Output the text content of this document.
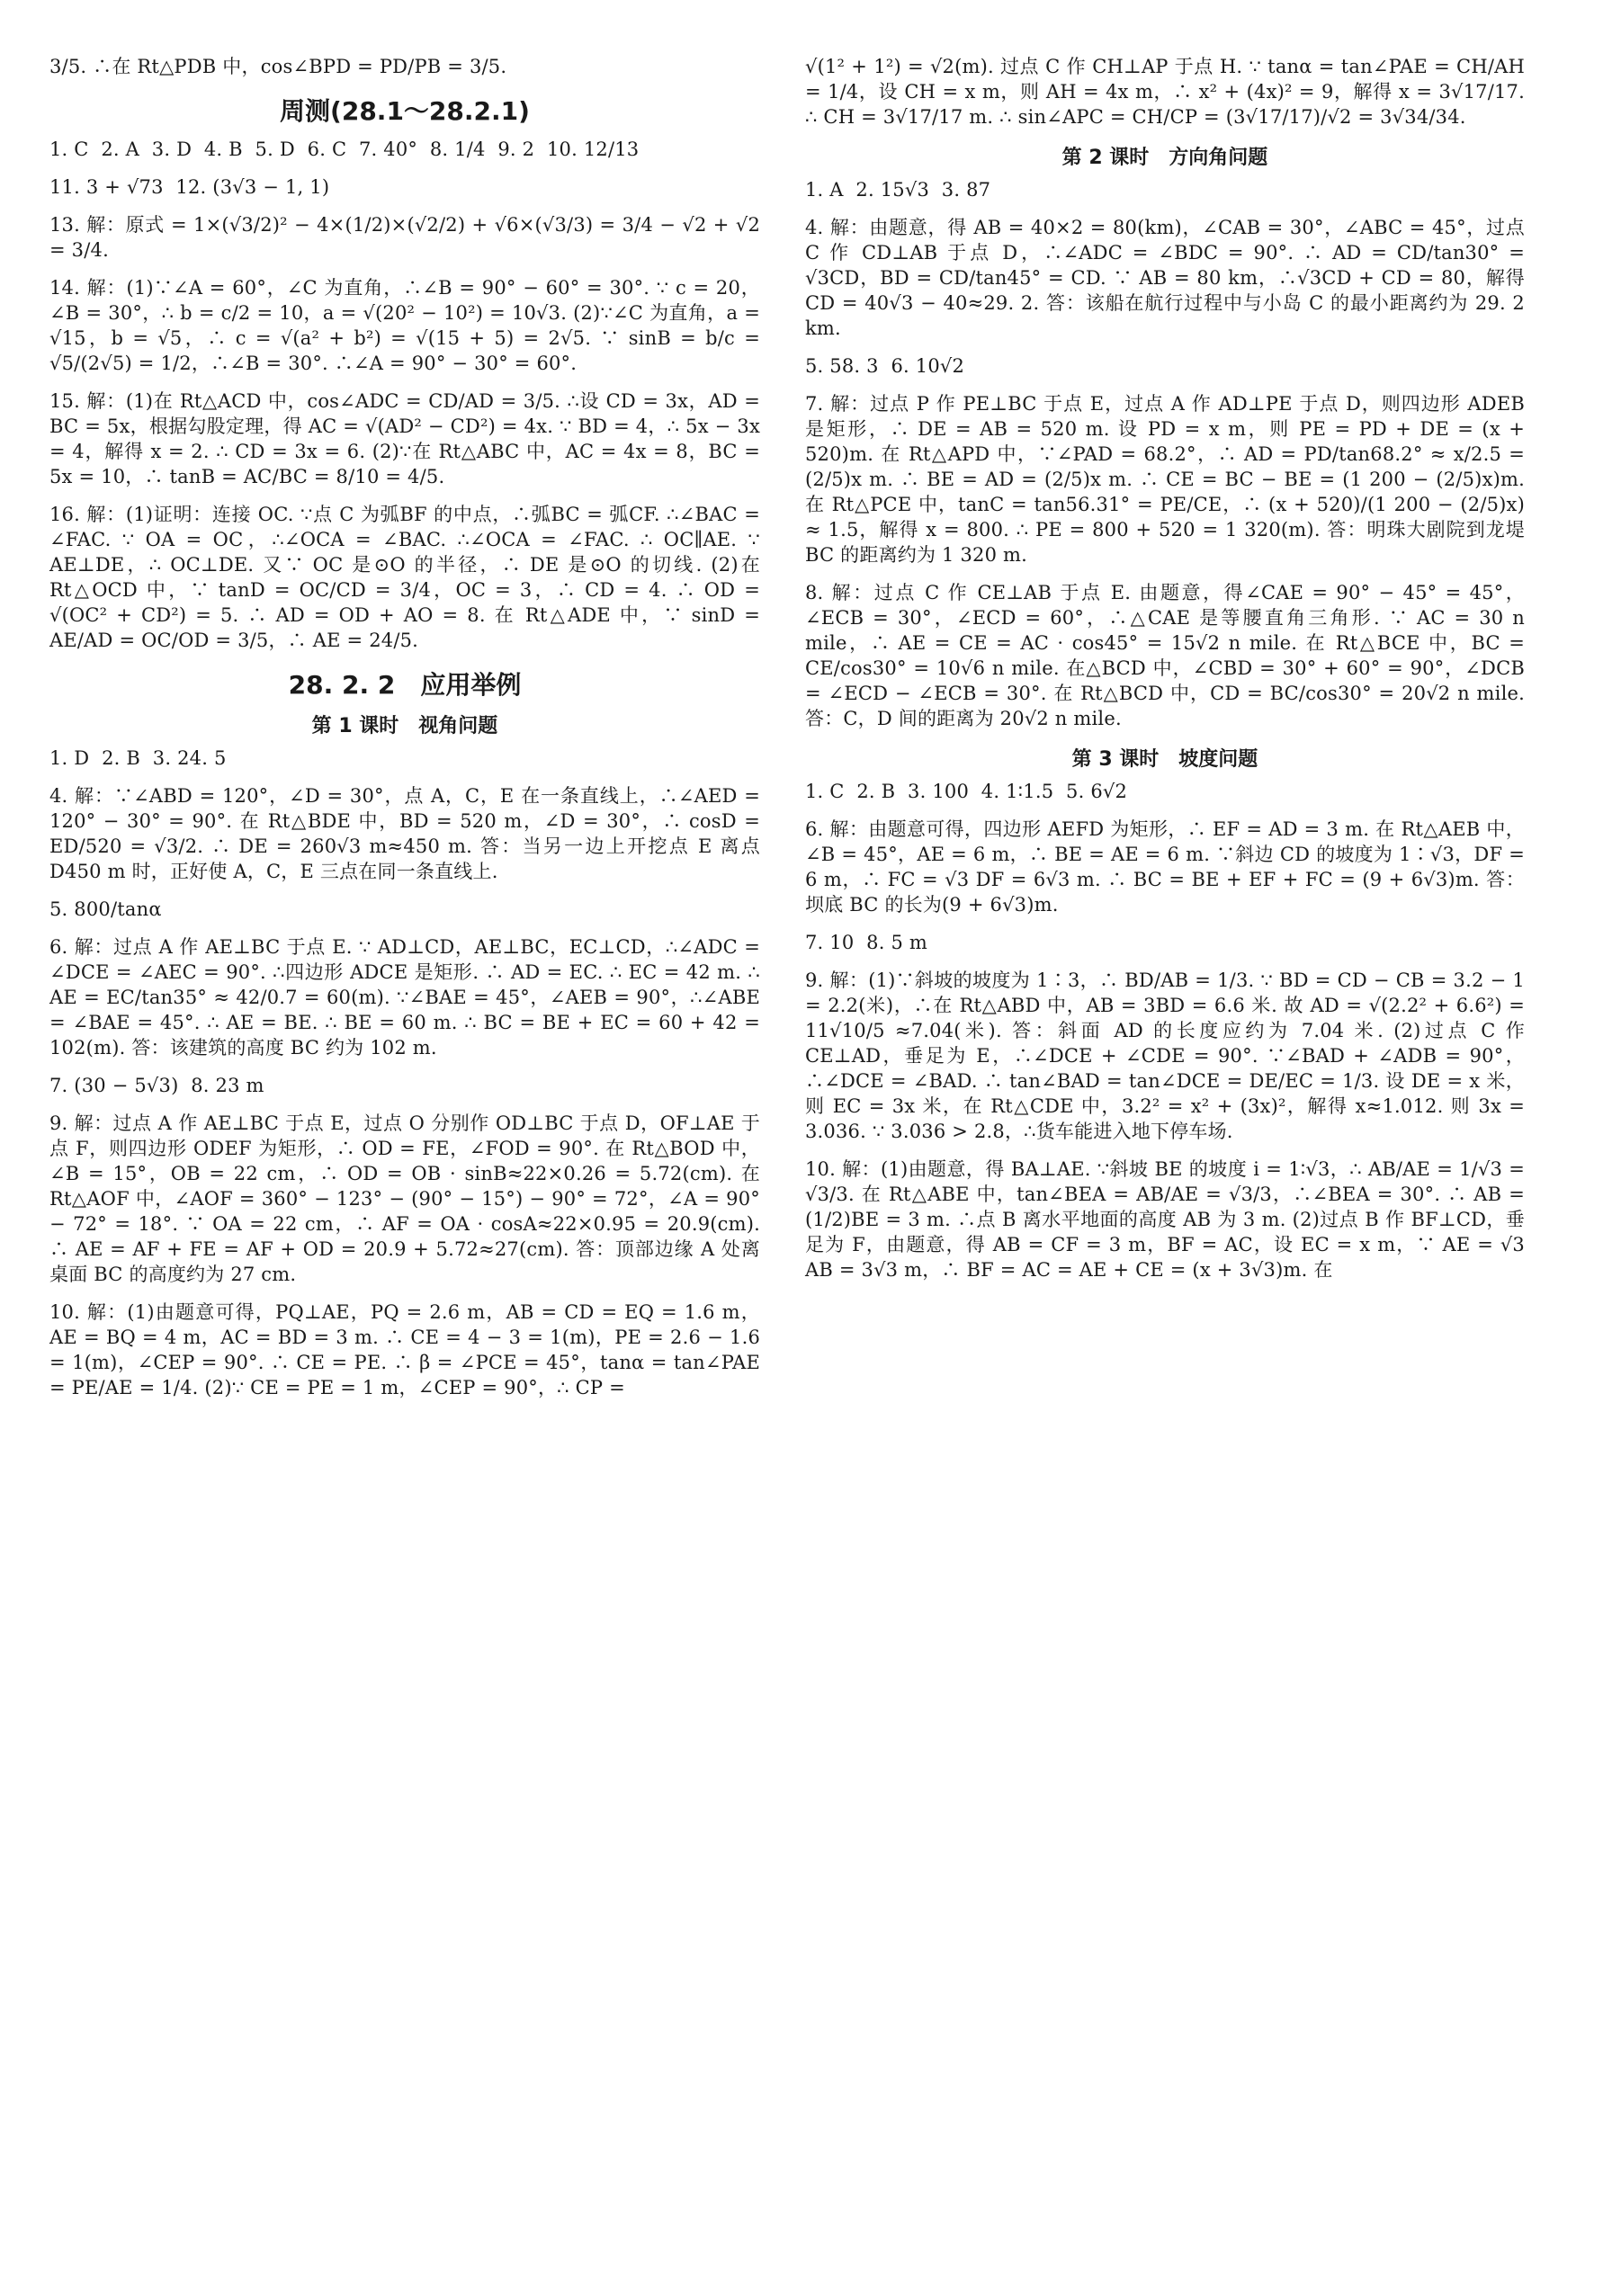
3/5. ∴在 Rt△PDB 中，cos∠BPD = PD/PB = 3/5.

周测(28.1～28.2.1)

1. C  2. A  3. D  4. B  5. D  6. C  7. 40°  8. 1/4  9. 2  10. 12/13

11. 3 + √73  12. (3√3 − 1, 1)

13. 解：原式 = 1×(√3/2)² − 4×(1/2)×(√2/2) + √6×(√3/3) = 3/4 − √2 + √2 = 3/4.

14. 解：(1)∵∠A = 60°，∠C 为直角，∴∠B = 90° − 60° = 30°. ∵ c = 20，∠B = 30°，∴ b = c/2 = 10，a = √(20² − 10²) = 10√3. (2)∵∠C 为直角，a = √15，b = √5，∴ c = √(a² + b²) = √(15 + 5) = 2√5. ∵ sinB = b/c = √5/(2√5) = 1/2，∴∠B = 30°. ∴∠A = 90° − 30° = 60°.

15. 解：(1)在 Rt△ACD 中，cos∠ADC = CD/AD = 3/5. ∴设 CD = 3x，AD = BC = 5x，根据勾股定理，得 AC = √(AD² − CD²) = 4x. ∵ BD = 4，∴ 5x − 3x = 4，解得 x = 2. ∴ CD = 3x = 6. (2)∵在 Rt△ABC 中，AC = 4x = 8，BC = 5x = 10，∴ tanB = AC/BC = 8/10 = 4/5.

16. 解：(1)证明：连接 OC. ∵点 C 为弧BF 的中点，∴弧BC = 弧CF. ∴∠BAC = ∠FAC. ∵ OA = OC，∴∠OCA = ∠BAC. ∴∠OCA = ∠FAC. ∴ OC∥AE. ∵ AE⊥DE，∴ OC⊥DE. 又∵ OC 是⊙O 的半径，∴ DE 是⊙O 的切线. (2)在 Rt△OCD 中，∵ tanD = OC/CD = 3/4，OC = 3，∴ CD = 4. ∴ OD = √(OC² + CD²) = 5. ∴ AD = OD + AO = 8. 在 Rt△ADE 中，∵ sinD = AE/AD = OC/OD = 3/5，∴ AE = 24/5.

28. 2. 2　应用举例
第 1 课时　视角问题

1. D  2. B  3. 24. 5

4. 解：∵∠ABD = 120°，∠D = 30°，点 A，C，E 在一条直线上，∴∠AED = 120° − 30° = 90°. 在 Rt△BDE 中，BD = 520 m，∠D = 30°，∴ cosD = ED/520 = √3/2. ∴ DE = 260√3 m≈450 m. 答：当另一边上开挖点 E 离点 D450 m 时，正好使 A，C，E 三点在同一条直线上.

5. 800/tanα

6. 解：过点 A 作 AE⊥BC 于点 E. ∵ AD⊥CD，AE⊥BC，EC⊥CD，∴∠ADC = ∠DCE = ∠AEC = 90°. ∴四边形 ADCE 是矩形. ∴ AD = EC. ∴ EC = 42 m. ∴ AE = EC/tan35° ≈ 42/0.7 = 60(m). ∵∠BAE = 45°，∠AEB = 90°，∴∠ABE = ∠BAE = 45°. ∴ AE = BE. ∴ BE = 60 m. ∴ BC = BE + EC = 60 + 42 = 102(m). 答：该建筑的高度 BC 约为 102 m.

7. (30 − 5√3)  8. 23 m

9. 解：过点 A 作 AE⊥BC 于点 E，过点 O 分别作 OD⊥BC 于点 D，OF⊥AE 于点 F，则四边形 ODEF 为矩形，∴ OD = FE，∠FOD = 90°. 在 Rt△BOD 中，∠B = 15°，OB = 22 cm，∴ OD = OB · sinB≈22×0.26 = 5.72(cm). 在 Rt△AOF 中，∠AOF = 360° − 123° − (90° − 15°) − 90° = 72°，∠A = 90° − 72° = 18°. ∵ OA = 22 cm，∴ AF = OA · cosA≈22×0.95 = 20.9(cm). ∴ AE = AF + FE = AF + OD = 20.9 + 5.72≈27(cm). 答：顶部边缘 A 处离桌面 BC 的高度约为 27 cm.

10. 解：(1)由题意可得，PQ⊥AE，PQ = 2.6 m，AB = CD = EQ = 1.6 m，AE = BQ = 4 m，AC = BD = 3 m. ∴ CE = 4 − 3 = 1(m)，PE = 2.6 − 1.6 = 1(m)，∠CEP = 90°. ∴ CE = PE. ∴ β = ∠PCE = 45°，tanα = tan∠PAE = PE/AE = 1/4. (2)∵ CE = PE = 1 m，∠CEP = 90°，∴ CP =

√(1² + 1²) = √2(m). 过点 C 作 CH⊥AP 于点 H. ∵ tanα = tan∠PAE = CH/AH = 1/4，设 CH = x m，则 AH = 4x m，∴ x² + (4x)² = 9，解得 x = 3√17/17. ∴ CH = 3√17/17 m. ∴ sin∠APC = CH/CP = (3√17/17)/√2 = 3√34/34.

第 2 课时　方向角问题

1. A  2. 15√3  3. 87

4. 解：由题意，得 AB = 40×2 = 80(km)，∠CAB = 30°，∠ABC = 45°，过点 C 作 CD⊥AB 于点 D，∴∠ADC = ∠BDC = 90°. ∴ AD = CD/tan30° = √3CD，BD = CD/tan45° = CD. ∵ AB = 80 km，∴√3CD + CD = 80，解得 CD = 40√3 − 40≈29. 2. 答：该船在航行过程中与小岛 C 的最小距离约为 29. 2 km.

5. 58. 3  6. 10√2

7. 解：过点 P 作 PE⊥BC 于点 E，过点 A 作 AD⊥PE 于点 D，则四边形 ADEB 是矩形，∴ DE = AB = 520 m. 设 PD = x m，则 PE = PD + DE = (x + 520)m. 在 Rt△APD 中，∵∠PAD = 68.2°，∴ AD = PD/tan68.2° ≈ x/2.5 = (2/5)x m. ∴ BE = AD = (2/5)x m. ∴ CE = BC − BE = (1 200 − (2/5)x)m. 在 Rt△PCE 中，tanC = tan56.31° = PE/CE，∴ (x + 520)/(1 200 − (2/5)x) ≈ 1.5，解得 x = 800. ∴ PE = 800 + 520 = 1 320(m). 答：明珠大剧院到龙堤 BC 的距离约为 1 320 m.

8. 解：过点 C 作 CE⊥AB 于点 E. 由题意，得∠CAE = 90° − 45° = 45°，∠ECB = 30°，∠ECD = 60°，∴△CAE 是等腰直角三角形. ∵ AC = 30 n mile，∴ AE = CE = AC · cos45° = 15√2 n mile. 在 Rt△BCE 中，BC = CE/cos30° = 10√6 n mile. 在△BCD 中，∠CBD = 30° + 60° = 90°，∠DCB = ∠ECD − ∠ECB = 30°. 在 Rt△BCD 中，CD = BC/cos30° = 20√2 n mile. 答：C，D 间的距离为 20√2 n mile.

第 3 课时　坡度问题

1. C  2. B  3. 100  4. 1∶1.5  5. 6√2

6. 解：由题意可得，四边形 AEFD 为矩形，∴ EF = AD = 3 m. 在 Rt△AEB 中，∠B = 45°，AE = 6 m，∴ BE = AE = 6 m. ∵斜边 CD 的坡度为 1∶√3，DF = 6 m，∴ FC = √3 DF = 6√3 m. ∴ BC = BE + EF + FC = (9 + 6√3)m. 答：坝底 BC 的长为(9 + 6√3)m.

7. 10  8. 5 m

9. 解：(1)∵斜坡的坡度为 1∶3，∴ BD/AB = 1/3. ∵ BD = CD − CB = 3.2 − 1 = 2.2(米)，∴在 Rt△ABD 中，AB = 3BD = 6.6 米. 故 AD = √(2.2² + 6.6²) = 11√10/5 ≈7.04(米). 答：斜面 AD 的长度应约为 7.04 米. (2)过点 C 作 CE⊥AD，垂足为 E，∴∠DCE + ∠CDE = 90°. ∵∠BAD + ∠ADB = 90°，∴∠DCE = ∠BAD. ∴ tan∠BAD = tan∠DCE = DE/EC = 1/3. 设 DE = x 米，则 EC = 3x 米，在 Rt△CDE 中，3.2² = x² + (3x)²，解得 x≈1.012. 则 3x = 3.036. ∵ 3.036 > 2.8，∴货车能进入地下停车场.

10. 解：(1)由题意，得 BA⊥AE. ∵斜坡 BE 的坡度 i = 1∶√3，∴ AB/AE = 1/√3 = √3/3. 在 Rt△ABE 中，tan∠BEA = AB/AE = √3/3，∴∠BEA = 30°. ∴ AB = (1/2)BE = 3 m. ∴点 B 离水平地面的高度 AB 为 3 m. (2)过点 B 作 BF⊥CD，垂足为 F，由题意，得 AB = CF = 3 m，BF = AC，设 EC = x m，∵ AE = √3 AB = 3√3 m，∴ BF = AC = AE + CE = (x + 3√3)m. 在
